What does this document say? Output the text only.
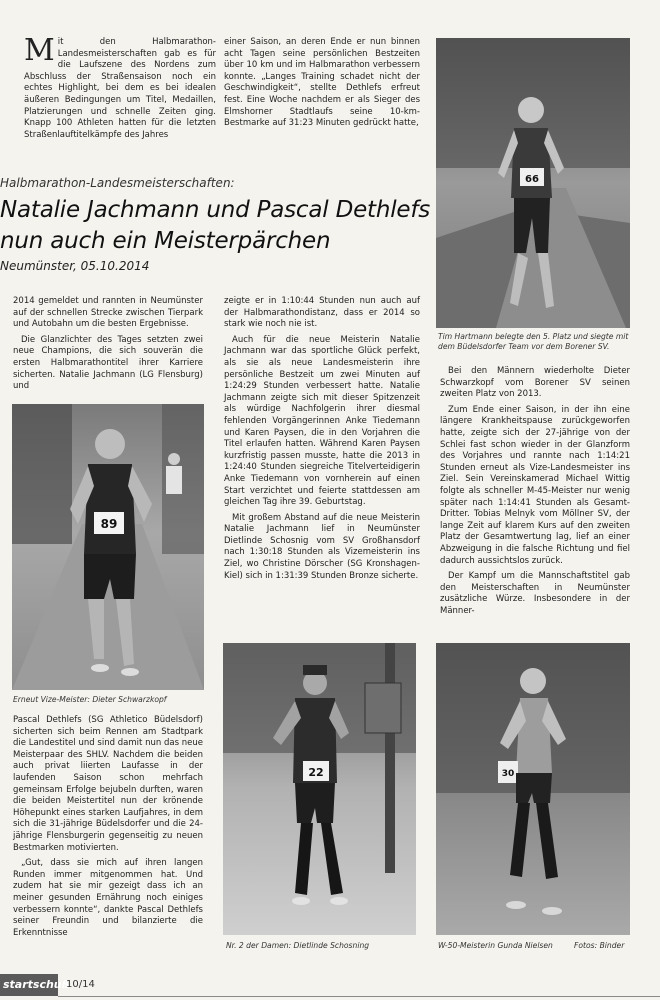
M it den Halbmarathon-Landesmeisterschaften gab es für die Laufszene des Nordens zum Abschluss der Straßensaison noch ein echtes Highlight, bei dem es bei idealen äußeren Bedingungen um Titel, Medaillen, Platzierungen und schnelle Zeiten ging. Knapp 100 Athleten hatten für die letzten Straßenlauftitelkämpfe des Jahres
einer Saison, an deren Ende er nun binnen acht Tagen seine persönlichen Bestzeiten über 10 km und im Halbmarathon verbessern konnte. „Langes Training schadet nicht der Geschwindigkeit“, stellte Dethlefs erfreut fest. Eine Woche nachdem er als Sieger des Elmshorner Stadtlaufs seine 10-km-Bestmarke auf 31:23 Minuten gedrückt hatte,
Halbmarathon-Landesmeisterschaften:
Natalie Jachmann und Pascal Dethlefs
nun auch ein Meisterpärchen
Neumünster, 05.10.2014

2014 gemeldet und rannten in Neumünster auf der schnellen Strecke zwischen Tierpark und Autobahn um die besten Ergebnisse.

Die Glanzlichter des Tages setzten zwei neue Champions, die sich souverän die ersten Halbmarathontitel ihrer Karriere sicherten. Natalie Jachmann (LG Flensburg) und

zeigte er in 1:10:44 Stunden nun auch auf der Halbmarathondistanz, dass er 2014 so stark wie noch nie ist.

Auch für die neue Meisterin Natalie Jachmann war das sportliche Glück perfekt, als sie als neue Landesmeisterin ihre persönliche Bestzeit um zwei Minuten auf 1:24:29 Stunden verbessert hatte. Natalie Jachmann zeigte sich mit dieser Spitzenzeit als würdige Nachfolgerin ihrer diesmal fehlenden Vorgängerinnen Anke Tiedemann und Karen Paysen, die in den Vorjahren die Titel erlaufen hatten. Während Karen Paysen kurzfristig passen musste, hatte die 2013 in 1:24:40 Stunden siegreiche Titelverteidigerin Anke Tiedemann von vornherein auf einen Start verzichtet und feierte stattdessen am gleichen Tag ihre 39. Geburtstag.

Mit großem Abstand auf die neue Meisterin Natalie Jachmann lief in Neumünster Dietlinde Schosnig vom SV Großhansdorf nach 1:30:18 Stunden als Vizemeisterin ins Ziel, wo Christine Dörscher (SG Kronshagen-Kiel) sich in 1:31:39 Stunden Bronze sicherte.

Bei den Männern wiederholte Dieter Schwarzkopf vom Borener SV seinen zweiten Platz von 2013.

Zum Ende einer Saison, in der ihn eine längere Krankheitspause zurückgeworfen hatte, zeigte sich der 27-jährige von der Schlei fast schon wieder in der Glanzform des Vorjahres und rannte nach 1:14:21 Stunden erneut als Vize-Landesmeister ins Ziel. Sein Vereinskamerad Michael Wittig folgte als schneller M-45-Meister nur wenig später nach 1:14:41 Stunden als Gesamt-Dritter. Tobias Melnyk vom Möllner SV, der lange Zeit auf klarem Kurs auf den zweiten Platz der Gesamtwertung lag, lief an einer Abzweigung in die falsche Richtung und fiel dadurch aussichtslos zurück.

Der Kampf um die Mannschaftstitel gab den Meisterschaften in Neumünster zusätzliche Würze. Insbesondere in der Männer-

Pascal Dethlefs (SG Athletico Büdelsdorf) sicherten sich beim Rennen am Stadtpark die Landestitel und sind damit nun das neue Meisterpaar des SHLV. Nachdem die beiden auch privat liierten Laufasse in der laufenden Saison schon mehrfach gemeinsam Erfolge bejubeln durften, waren die beiden Meistertitel nun der krönende Höhepunkt eines starken Laufjahres, in dem sich die 31-jährige Büdelsdorfer und die 24-jährige Flensburgerin gegenseitig zu neuen Bestmarken motivierten.

„Gut, dass sie mich auf ihren langen Runden immer mitgenommen hat. Und zudem hat sie mir gezeigt dass ich an meiner gesunden Ernährung noch einiges verbessern konnte“, dankte Pascal Dethlefs seiner Freundin und bilanzierte die Erkenntnisse

66
Tim Hartmann belegte den 5. Platz und siegte mit
dem Büdelsdorfer Team vor dem Borener SV.
89
Erneut Vize-Meister: Dieter Schwarzkopf
22
Nr. 2 der Damen: Dietlinde Schosning
30
W-50-Meisterin Gunda Nielsen	Fotos: Binder
startschuß
10/14
